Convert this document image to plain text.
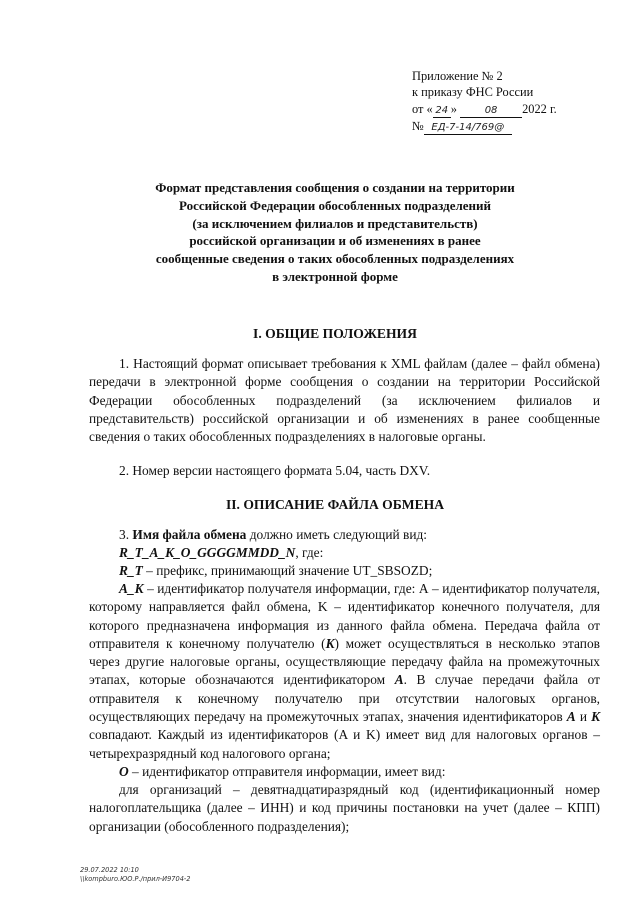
Приложение № 2
к приказу ФНС России
от « 24 »	08 2022 г.
№ ЕД-7-14/769@
Формат представления сообщения о создании на территории
Российской Федерации обособленных подразделений
(за исключением филиалов и представительств)
российской организации и об изменениях в ранее
сообщенные сведения о таких обособленных подразделениях
в электронной форме
I. ОБЩИЕ ПОЛОЖЕНИЯ
1. Настоящий формат описывает требования к XML файлам (далее – файл обмена) передачи в электронной форме сообщения о создании на территории Российской Федерации обособленных подразделений (за исключением филиалов и представительств) российской организации и об изменениях в ранее сообщенные сведения о таких обособленных подразделениях в налоговые органы.
2. Номер версии настоящего формата 5.04, часть DXV.
II. ОПИСАНИЕ ФАЙЛА ОБМЕНА
3. Имя файла обмена должно иметь следующий вид:
R_T_A_K_O_GGGGMMDD_N, где:
R_T – префикс, принимающий значение UT_SBSOZD;
A_K – идентификатор получателя информации, где: А – идентификатор получателя, которому направляется файл обмена, K – идентификатор конечного получателя, для которого предназначена информация из данного файла обмена. Передача файла от отправителя к конечному получателю (K) может осуществляться в несколько этапов через другие налоговые органы, осуществляющие передачу файла на промежуточных этапах, которые обозначаются идентификатором A. В случае передачи файла от отправителя к конечному получателю при отсутствии налоговых органов, осуществляющих передачу на промежуточных этапах, значения идентификаторов A и K совпадают. Каждый из идентификаторов (A и K) имеет вид для налоговых органов – четырехразрядный код налогового органа;
O – идентификатор отправителя информации, имеет вид:
для организаций – девятнадцатиразрядный код (идентификационный номер налогоплательщика (далее – ИНН) и код причины постановки на учет (далее – КПП) организации (обособленного подразделения);
29.07.2022 10:10
\\kompburo.ЮО.Р./прил-И9704-2
